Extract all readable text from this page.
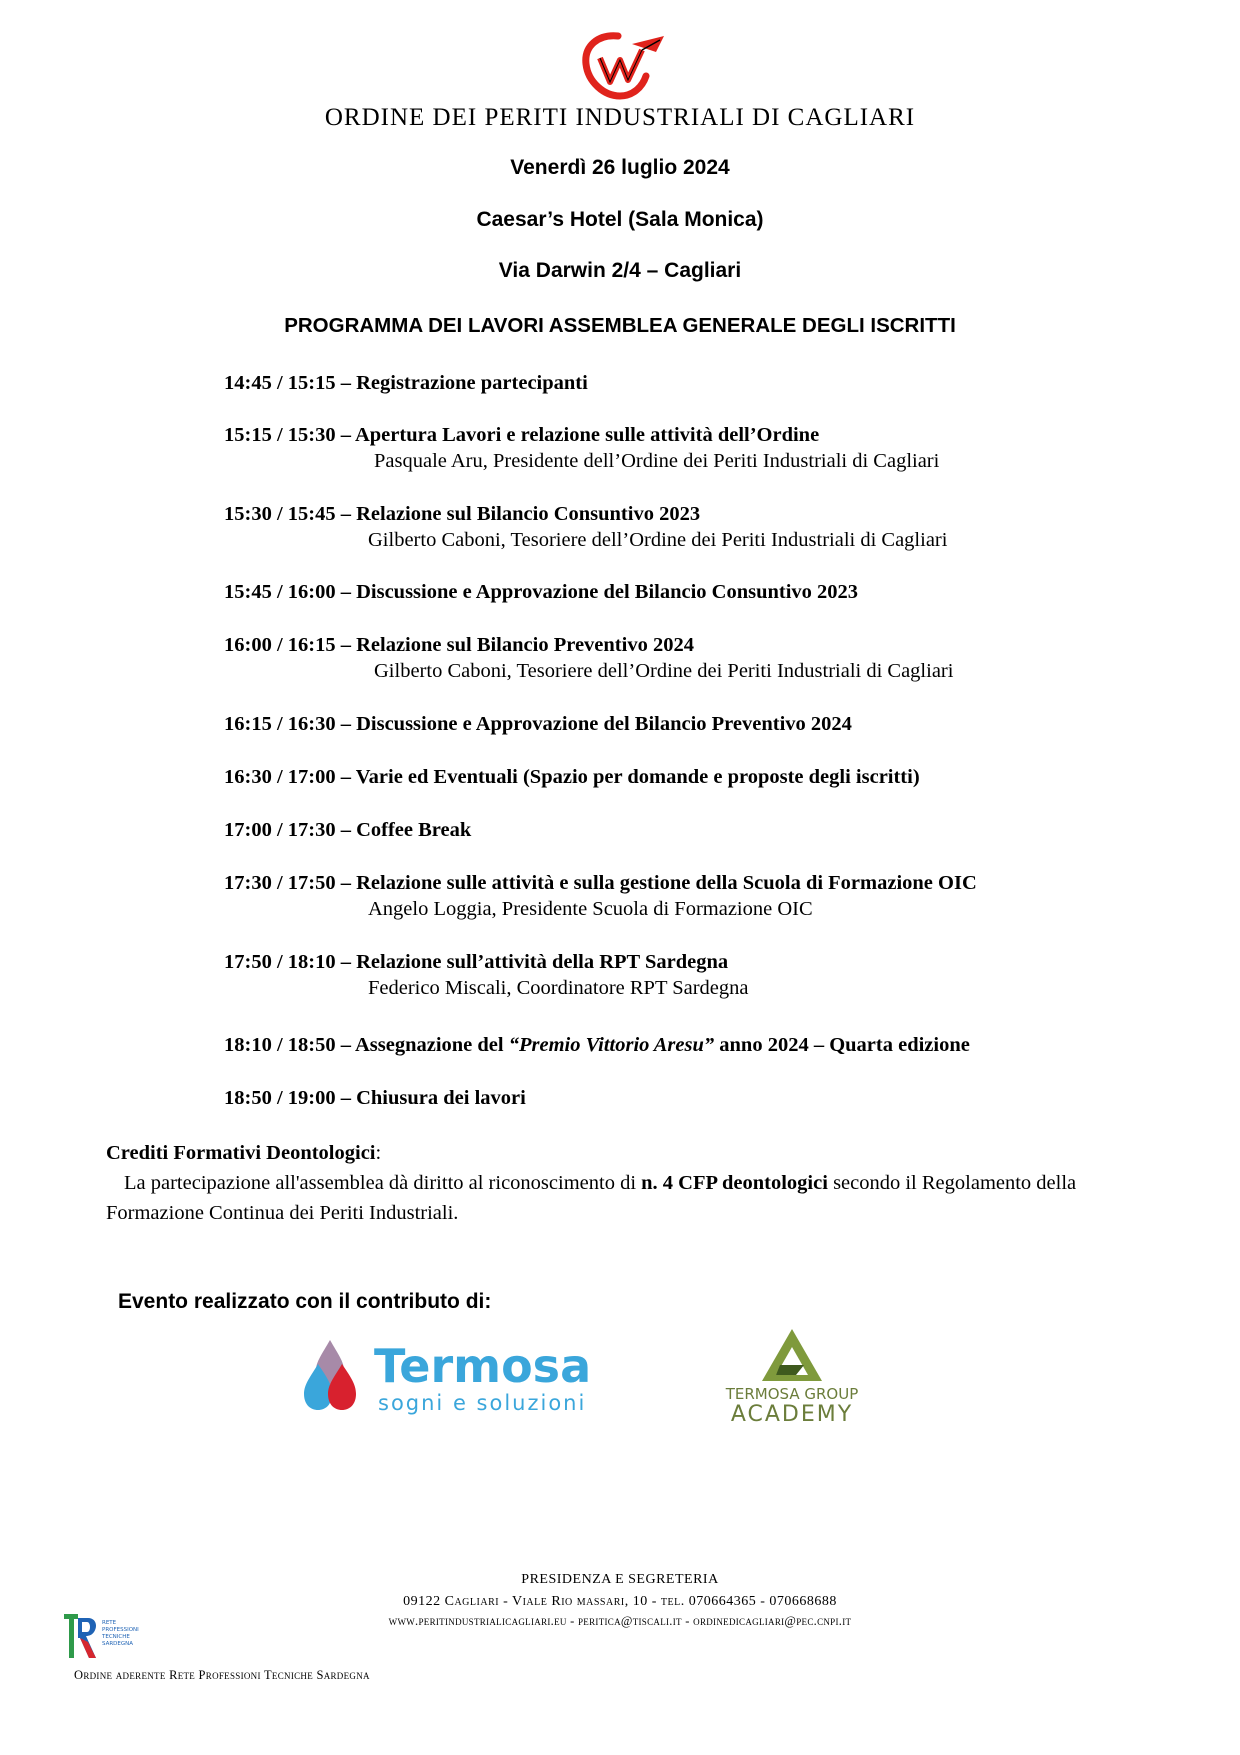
ORDINE DEI PERITI INDUSTRIALI DI CAGLIARI
Venerdì 26 luglio 2024
Caesar’s Hotel (Sala Monica)
Via Darwin 2/4 – Cagliari
PROGRAMMA DEI LAVORI ASSEMBLEA GENERALE DEGLI ISCRITTI
14:45 / 15:15 – Registrazione partecipanti
15:15 / 15:30 – Apertura Lavori e relazione sulle attività dell’Ordine
Pasquale Aru, Presidente dell’Ordine dei Periti Industriali di Cagliari
15:30 / 15:45 – Relazione sul Bilancio Consuntivo 2023
Gilberto Caboni, Tesoriere dell’Ordine dei Periti Industriali di Cagliari
15:45 / 16:00 – Discussione e Approvazione del Bilancio Consuntivo 2023
16:00 / 16:15 – Relazione sul Bilancio Preventivo 2024
Gilberto Caboni, Tesoriere dell’Ordine dei Periti Industriali di Cagliari
16:15 / 16:30 – Discussione e Approvazione del Bilancio Preventivo 2024
16:30 / 17:00 – Varie ed Eventuali (Spazio per domande e proposte degli iscritti)
17:00 / 17:30 – Coffee Break
17:30 / 17:50 – Relazione sulle attività e sulla gestione della Scuola di Formazione OIC
Angelo Loggia, Presidente Scuola di Formazione OIC
17:50 / 18:10 – Relazione sull’attività della RPT Sardegna
Federico Miscali, Coordinatore RPT Sardegna
18:10 / 18:50 – Assegnazione del “Premio Vittorio Aresu” anno 2024 – Quarta edizione
18:50 / 19:00 – Chiusura dei lavori
Crediti Formativi Deontologici:
La partecipazione all'assemblea dà diritto al riconoscimento di n. 4 CFP deontologici secondo il Regolamento della Formazione Continua dei Periti Industriali.
Evento realizzato con il contributo di:
Termosa
sogni e soluzioni	TERMOSA GROUP
ACADEMY
PRESIDENZA E SEGRETERIA
09122 Cagliari - Viale Rio massari, 10 - tel. 070664365 - 070668688
www.peritindustrialicagliari.eu - peritica@tiscali.it - ordinedicagliari@pec.cnpi.it
RETE
PROFESSIONI
TECNICHE
SARDEGNA
Ordine aderente Rete Professioni Tecniche Sardegna
